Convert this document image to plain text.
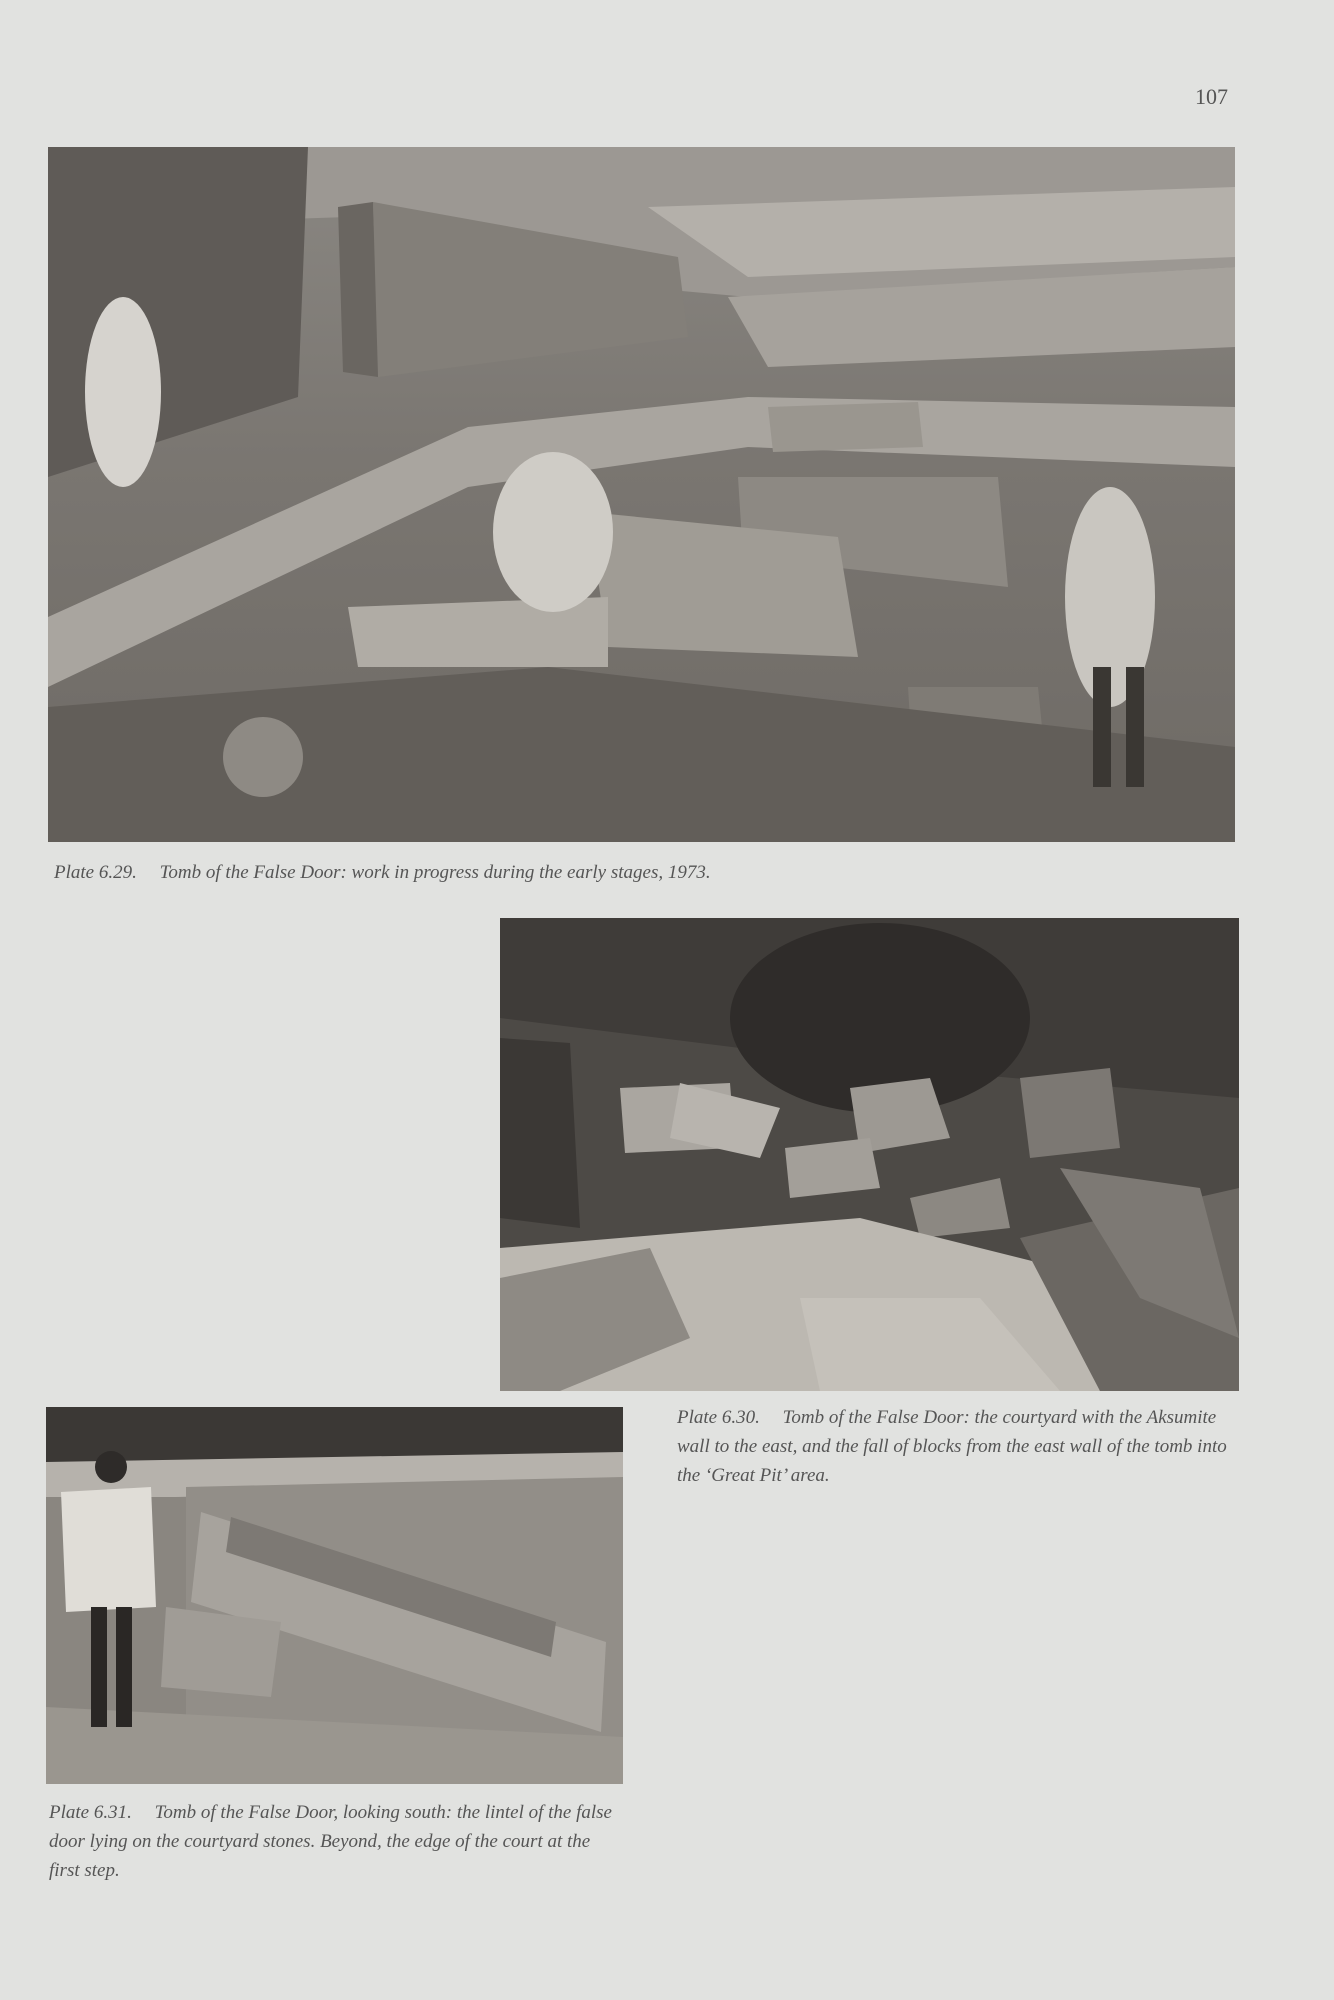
107
Plate 6.29. Tomb of the False Door: work in progress during the early stages, 1973.
Plate 6.30. Tomb of the False Door: the courtyard with the Aksumite wall to the east, and the fall of blocks from the east wall of the tomb into the ‘Great Pit’ area.
Plate 6.31. Tomb of the False Door, looking south: the lintel of the false door lying on the courtyard stones. Beyond, the edge of the court at the first step.
